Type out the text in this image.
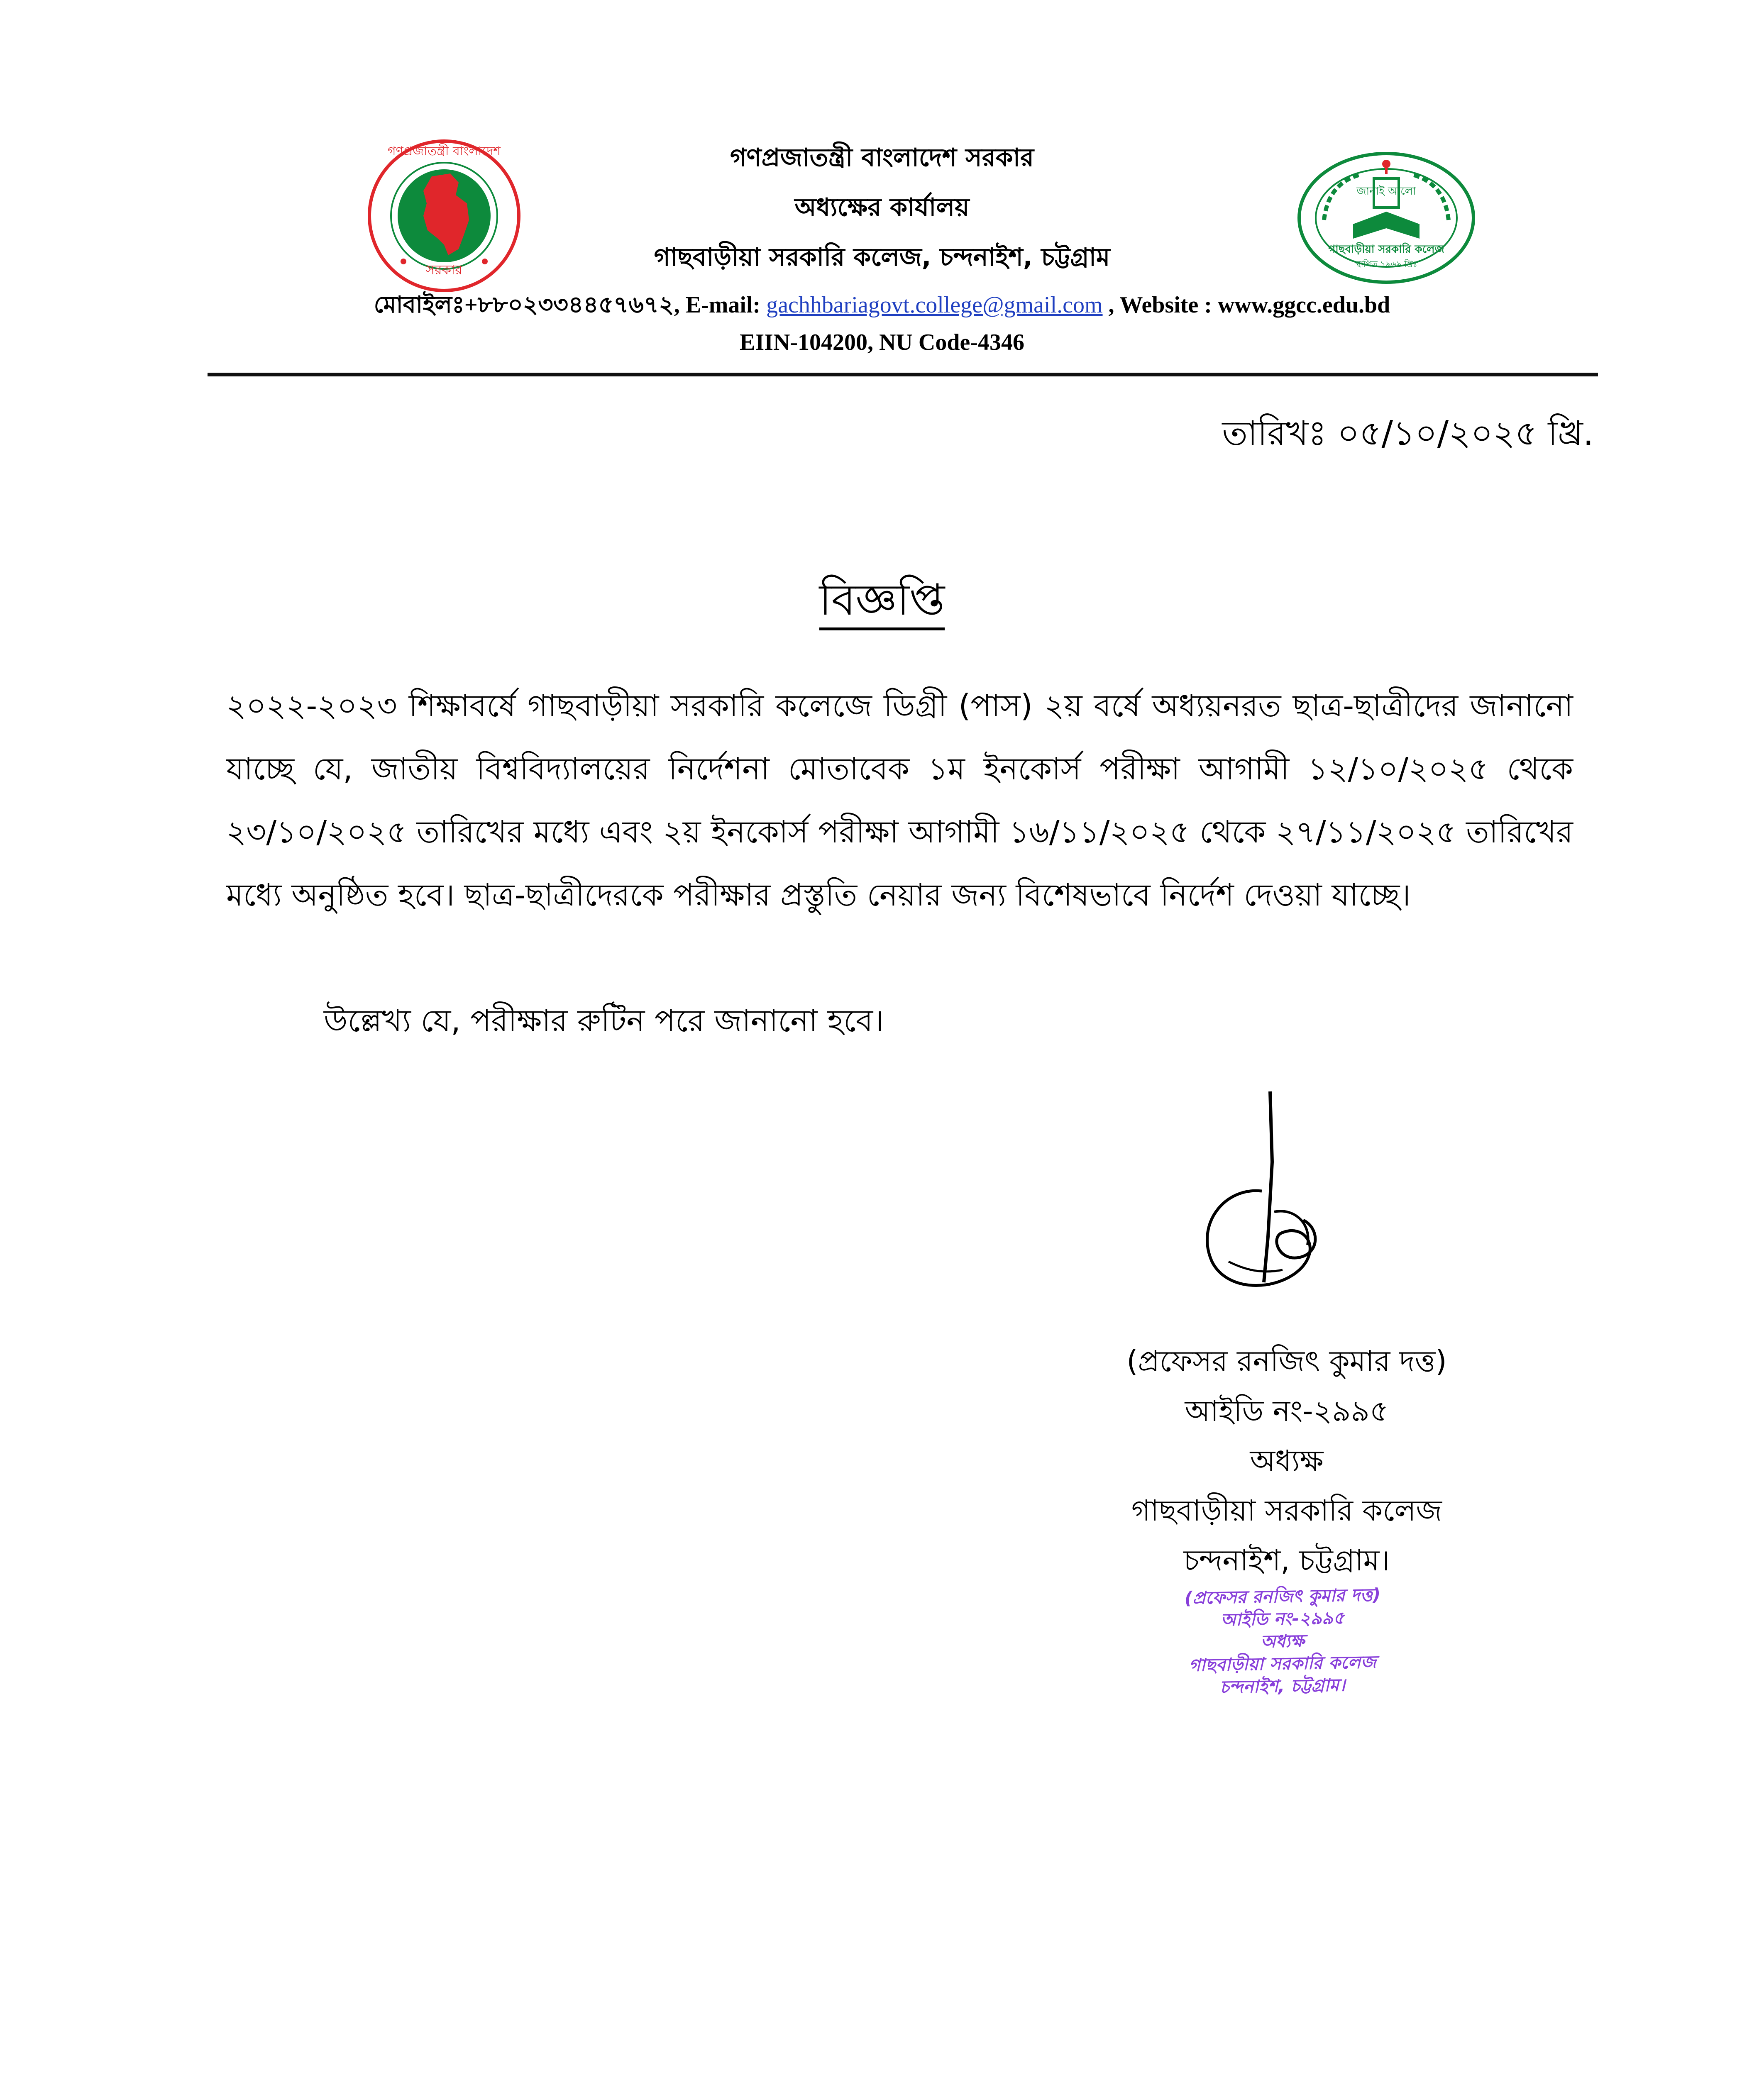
গণপ্রজাতন্ত্রী বাংলাদেশ
সরকার
জানাই আলো
গাছবাড়ীয়া সরকারি কলেজ
স্থাপিত ১৯৬৯ খ্রিঃ
গণপ্রজাতন্ত্রী বাংলাদেশ সরকার
অধ্যক্ষের কার্যালয়
গাছবাড়ীয়া সরকারি কলেজ, চন্দনাইশ, চট্টগ্রাম
মোবাইলঃ+৮৮০২৩৩৪৪৫৭৬৭২, E-mail: gachhbariagovt.college@gmail.com , Website : www.ggcc.edu.bd
EIIN-104200, NU Code-4346
তারিখঃ ০৫/১০/২০২৫ খ্রি.
বিজ্ঞপ্তি
২০২২-২০২৩ শিক্ষাবর্ষে গাছবাড়ীয়া সরকারি কলেজে ডিগ্রী (পাস) ২য় বর্ষে অধ্যয়নরত ছাত্র-ছাত্রীদের জানানো যাচ্ছে যে, জাতীয় বিশ্ববিদ্যালয়ের নির্দেশনা মোতাবেক ১ম ইনকোর্স পরীক্ষা আগামী ১২/১০/২০২৫ থেকে ২৩/১০/২০২৫ তারিখের মধ্যে এবং ২য় ইনকোর্স পরীক্ষা আগামী ১৬/১১/২০২৫ থেকে ২৭/১১/২০২৫ তারিখের মধ্যে অনুষ্ঠিত হবে। ছাত্র-ছাত্রীদেরকে পরীক্ষার প্রস্তুতি নেয়ার জন্য বিশেষভাবে নির্দেশ দেওয়া যাচ্ছে।
উল্লেখ্য যে, পরীক্ষার রুটিন পরে জানানো হবে।
(প্রফেসর রনজিৎ কুমার দত্ত)
আইডি নং-২৯৯৫
অধ্যক্ষ
গাছবাড়ীয়া সরকারি কলেজ
চন্দনাইশ, চট্টগ্রাম।
(প্রফেসর রনজিৎ কুমার দত্ত)
আইডি নং-২৯৯৫
অধ্যক্ষ
গাছবাড়ীয়া সরকারি কলেজ
চন্দনাইশ, চট্টগ্রাম।
